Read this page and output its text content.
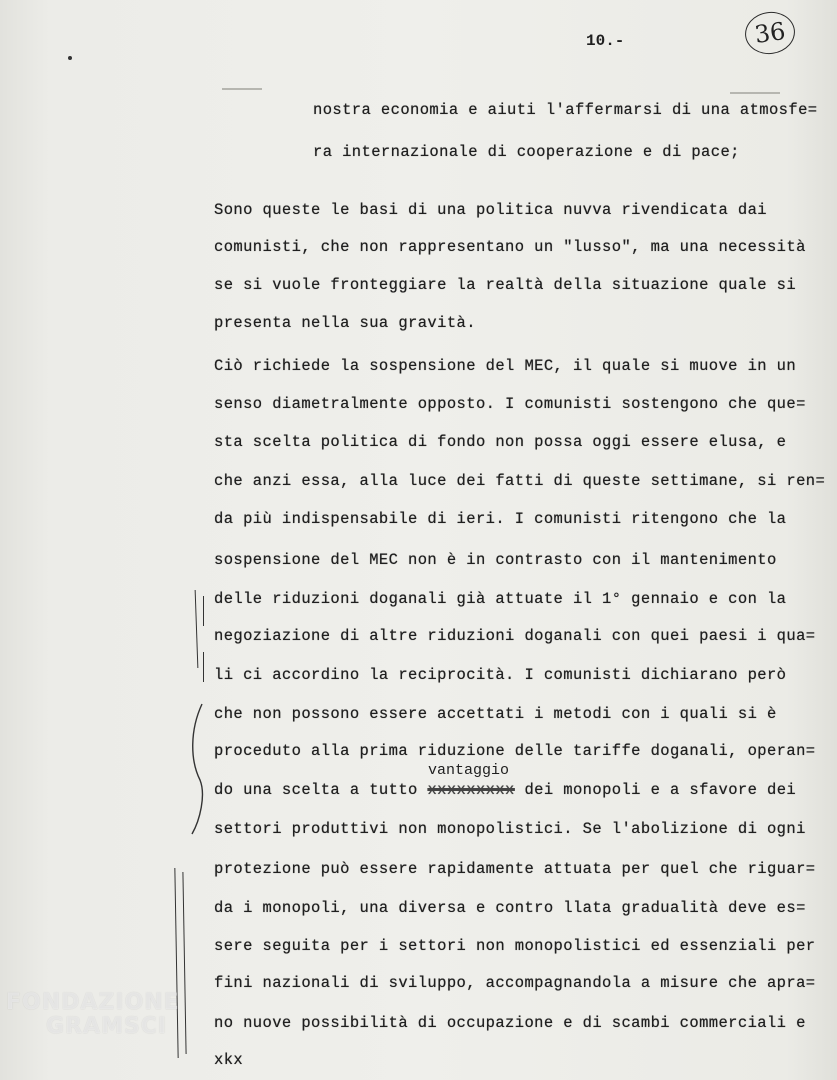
10.-	36
nostra economia e aiuti l'affermarsi di una atmosfe=
ra internazionale di cooperazione e di pace;
Sono queste le basi di una politica nuvva rivendicata dai
comunisti, che non rappresentano un "lusso", ma una necessità
se si vuole fronteggiare la realtà della situazione quale si
presenta nella sua gravità.
Ciò richiede la sospensione del MEC, il quale si muove in un
senso diametralmente opposto. I comunisti sostengono che que=
sta scelta politica di fondo non possa oggi essere elusa, e
che anzi essa, alla luce dei fatti di queste settimane, si ren=
da più indispensabile di ieri. I comunisti ritengono che la
sospensione del MEC non è in contrasto con il mantenimento
delle riduzioni doganali già attuate il 1° gennaio e con la
negoziazione di altre riduzioni doganali con quei paesi i qua=
li ci accordino la reciprocità. I comunisti dichiarano però
che non possono essere accettati i metodi con i quali si è
proceduto alla prima riduzione delle tariffe doganali, operan=
vantaggio
do una scelta a tutto xxxxxxxxx dei monopoli e a sfavore dei
settori produttivi non monopolistici. Se l'abolizione di ogni
protezione può essere rapidamente attuata per quel che riguar=
da i monopoli, una diversa e contro llata gradualità deve es=
sere seguita per i settori non monopolistici ed essenziali per
fini nazionali di sviluppo, accompagnandola a misure che apra=
no nuove possibilità di occupazione e di scambi commerciali e
xkx
FONDAZIONE
GRAMSCI
